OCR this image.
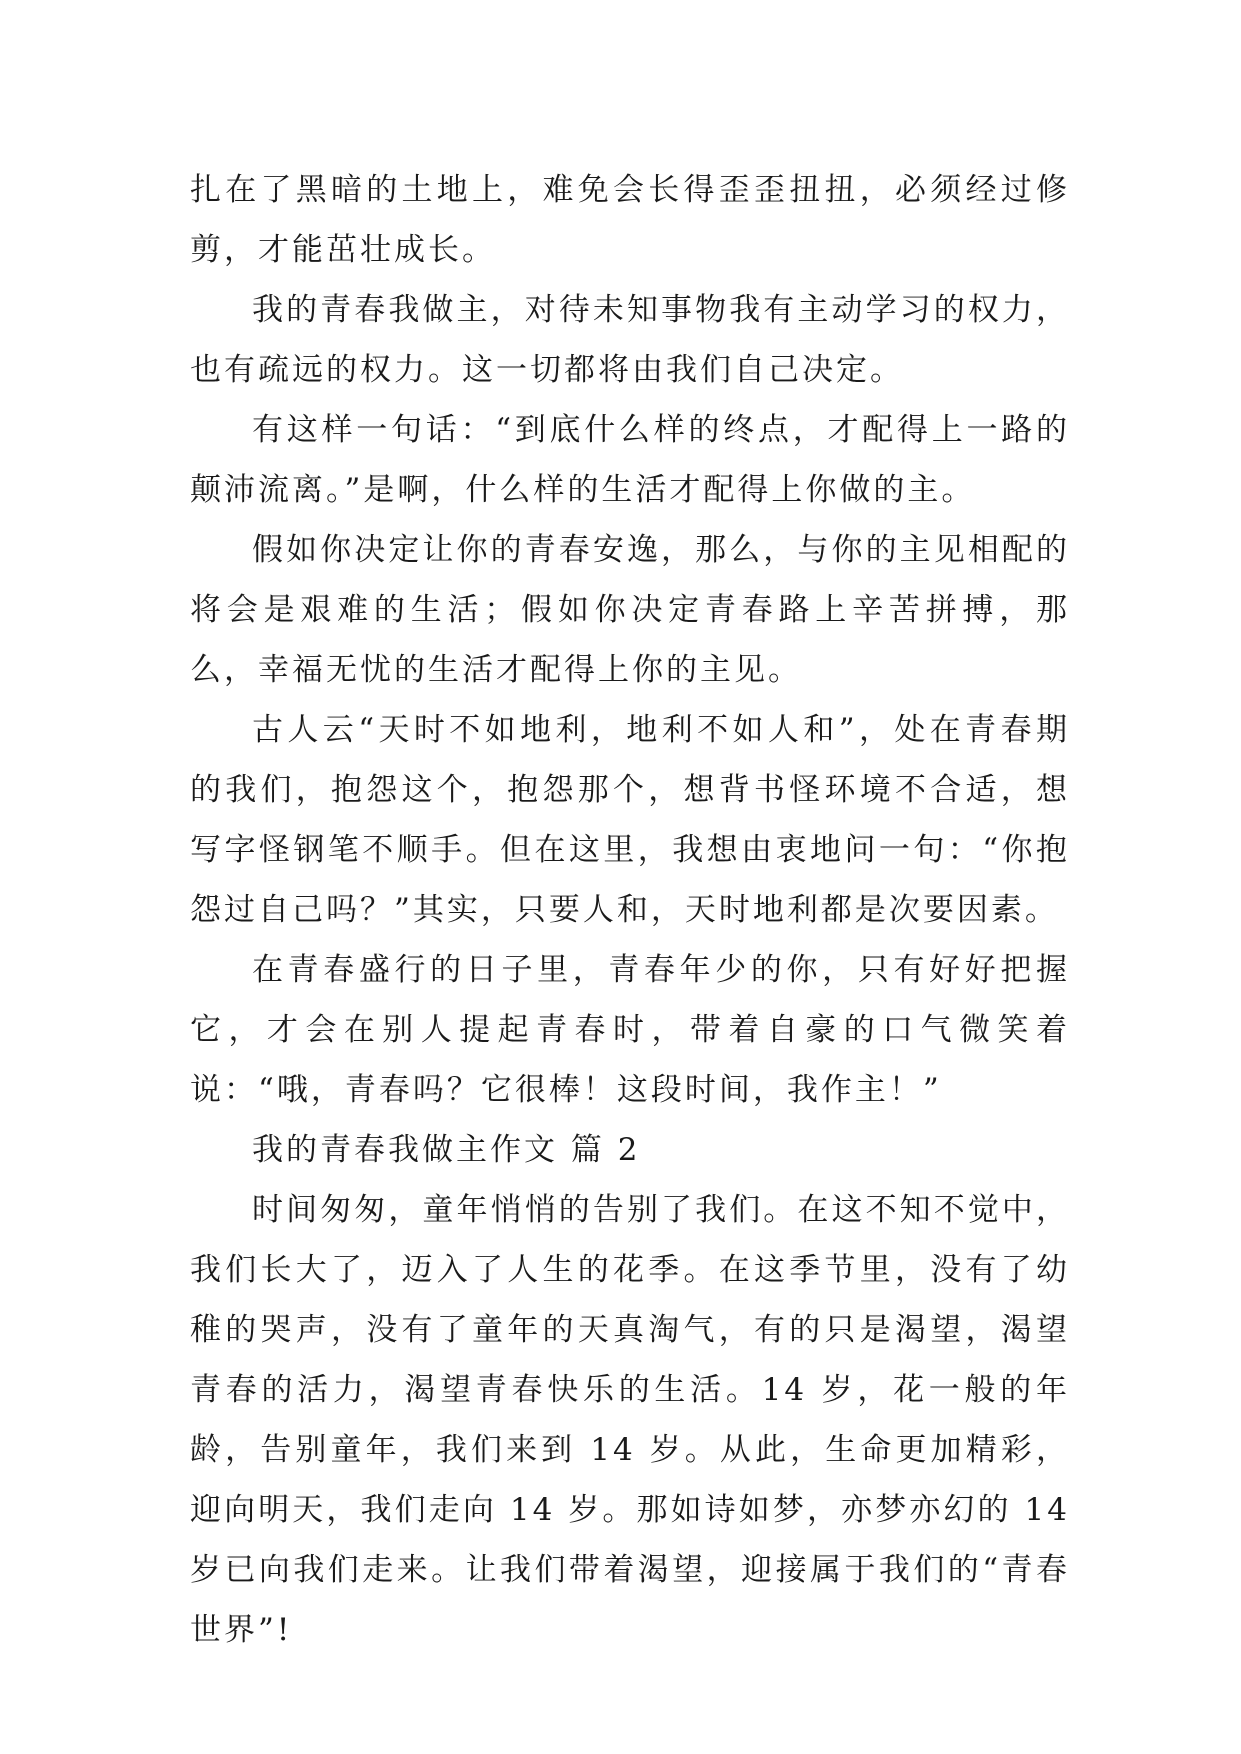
扎在了黑暗的土地上，难免会长得歪歪扭扭，必须经过修剪，才能茁壮成长。

我的青春我做主，对待未知事物我有主动学习的权力，也有疏远的权力。这一切都将由我们自己决定。

有这样一句话：“到底什么样的终点，才配得上一路的颠沛流离。”是啊，什么样的生活才配得上你做的主。

假如你决定让你的青春安逸，那么，与你的主见相配的将会是艰难的生活；假如你决定青春路上辛苦拼搏，那么，幸福无忧的生活才配得上你的主见。

古人云“天时不如地利，地利不如人和”，处在青春期的我们，抱怨这个，抱怨那个，想背书怪环境不合适，想写字怪钢笔不顺手。但在这里，我想由衷地问一句：“你抱怨过自己吗？”其实，只要人和，天时地利都是次要因素。

在青春盛行的日子里，青春年少的你，只有好好把握它，才会在别人提起青春时，带着自豪的口气微笑着说：“哦，青春吗？它很棒！这段时间，我作主！”

我的青春我做主作文 篇 2

时间匆匆，童年悄悄的告别了我们。在这不知不觉中，我们长大了，迈入了人生的花季。在这季节里，没有了幼稚的哭声，没有了童年的天真淘气，有的只是渴望，渴望青春的活力，渴望青春快乐的生活。14 岁，花一般的年龄，告别童年，我们来到 14 岁。从此，生命更加精彩，迎向明天，我们走向 14 岁。那如诗如梦，亦梦亦幻的 14 岁已向我们走来。让我们带着渴望，迎接属于我们的“青春世界”!
